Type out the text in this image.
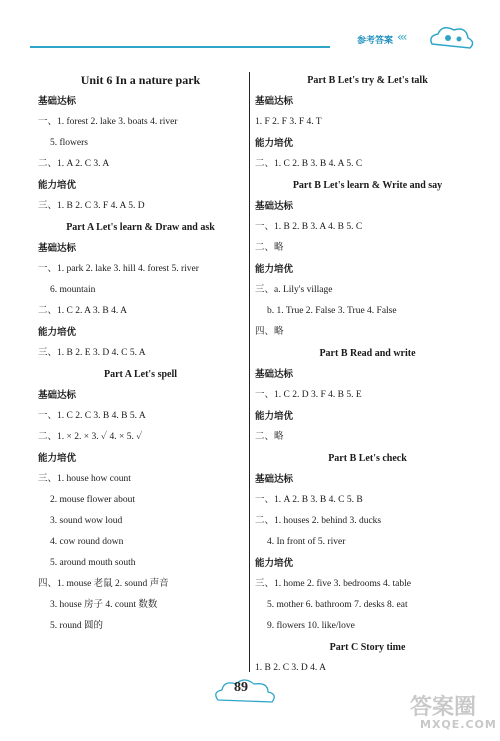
参考答案 ‹‹‹
Unit 6 In a nature park
基础达标
一、1. forest 2. lake 3. boats 4. river
5. flowers
二、1. A 2. C 3. A
能力培优
三、1. B 2. C 3. F 4. A 5. D
Part A Let's learn & Draw and ask
基础达标
一、1. park 2. lake 3. hill 4. forest 5. river
6. mountain
二、1. C 2. A 3. B 4. A
能力培优
三、1. B 2. E 3. D 4. C 5. A
Part A Let's spell
基础达标
一、1. C 2. C 3. B 4. B 5. A
二、1. × 2. × 3. ✓ 4. × 5. ✓
能力培优
三、1. house how count
2. mouse flower about
3. sound wow loud
4. cow round down
5. around mouth south
四、1. mouse 老鼠 2. sound 声音
3. house 房子 4. count 数数
5. round 圆的
Part B Let's try & Let's talk
基础达标
1. F 2. F 3. F 4. T
能力培优
二、1. C 2. B 3. B 4. A 5. C
Part B Let's learn & Write and say
基础达标
一、1. B 2. B 3. A 4. B 5. C
二、略
能力培优
三、a. Lily's village
b. 1. True 2. False 3. True 4. False
四、略
Part B Read and write
基础达标
一、1. C 2. D 3. F 4. B 5. E
能力培优
二、略
Part B Let's check
基础达标
一、1. A 2. B 3. B 4. C 5. B
二、1. houses 2. behind 3. ducks
4. In front of 5. river
能力培优
三、1. home 2. five 3. bedrooms 4. table
5. mother 6. bathroom 7. desks 8. eat
9. flowers 10. like/love
Part C Story time
1. B 2. C 3. D 4. A
89
答案圈
MXQE.COM
